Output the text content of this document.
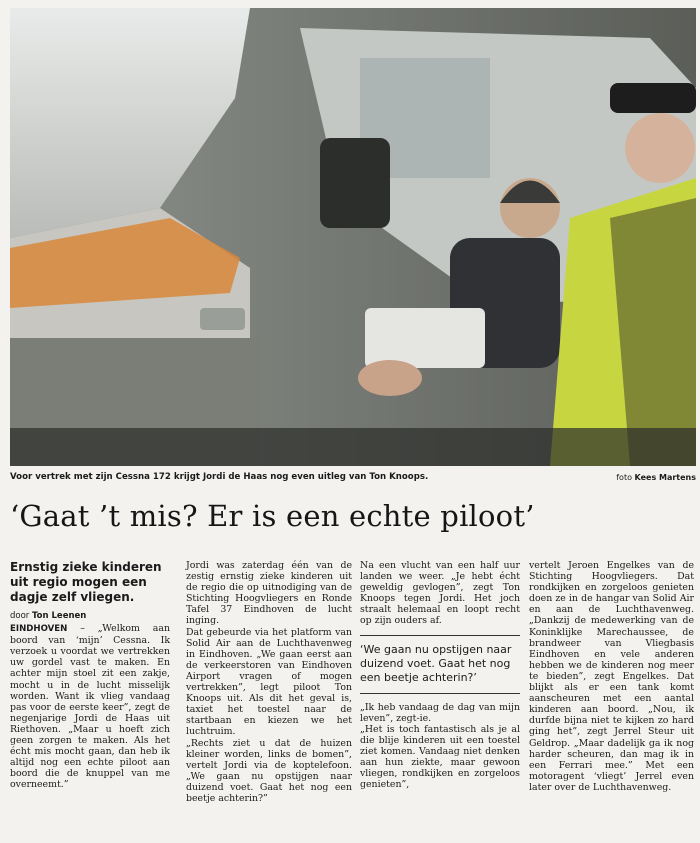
Voor vertrek met zijn Cessna 172 krijgt Jordi de Haas nog even uitleg van Ton Knoops.	foto Kees Martens
‘Gaat ’t mis? Er is een echte piloot’
Ernstig zieke kinderen uit regio mogen een dagje zelf vliegen.
door Ton Leenen

EINDHOVEN – „Welkom aan boord van ‘mijn’ Cessna. Ik verzoek u voordat we vertrekken uw gordel vast te maken. En achter mijn stoel zit een zakje, mocht u in de lucht misselijk worden. Want ik vlieg vandaag pas voor de eerste keer”, zegt de negenjarige Jordi de Haas uit Riethoven. „Maar u hoeft zich geen zorgen te maken. Als het écht mis mocht gaan, dan heb ik altijd nog een echte piloot aan boord die de knuppel van me overneemt.”

Jordi was zaterdag één van de zestig ernstig zieke kinderen uit de regio die op uitnodiging van de Stichting Hoogvliegers en Ronde Tafel 37 Eindhoven de lucht inging.

Dat gebeurde via het platform van Solid Air aan de Luchthavenweg in Eindhoven. „We gaan eerst aan de verkeerstoren van Eindhoven Airport vragen of mogen vertrekken”, legt piloot Ton Knoops uit. Als dit het geval is, taxiet het toestel naar de startbaan en kiezen we het luchtruim.

„Rechts ziet u dat de huizen kleiner worden, links de bomen”, vertelt Jordi via de koptelefoon. „We gaan nu opstijgen naar duizend voet. Gaat het nog een beetje achterin?”

Na een vlucht van een half uur landen we weer. „Je hebt écht geweldig gevlogen”, zegt Ton Knoops tegen Jordi. Het joch straalt helemaal en loopt recht op zijn ouders af.

‘We gaan nu opstijgen naar duizend voet. Gaat het nog een beetje achterin?’

„Ik heb vandaag de dag van mijn leven”, zegt-ie.

„Het is toch fantastisch als je al die blije kinderen uit een toestel ziet komen. Vandaag niet denken aan hun ziekte, maar gewoon vliegen, rondkijken en zorgeloos genieten”,

vertelt Jeroen Engelkes van de Stichting Hoogvliegers. Dat rondkijken en zorgeloos genieten doen ze in de hangar van Solid Air en aan de Luchthavenweg. „Dankzij de medewerking van de Koninklijke Marechaussee, de brandweer van Vliegbasis Eindhoven en vele anderen hebben we de kinderen nog meer te bieden”, zegt Engelkes. Dat blijkt als er een tank komt aanscheuren met een aantal kinderen aan boord. „Nou, ik durfde bijna niet te kijken zo hard ging het”, zegt Jerrel Steur uit Geldrop. „Maar dadelijk ga ik nog harder scheuren, dan mag ik in een Ferrari mee.” Met een motoragent ‘vliegt’ Jerrel even later over de Luchthavenweg.
